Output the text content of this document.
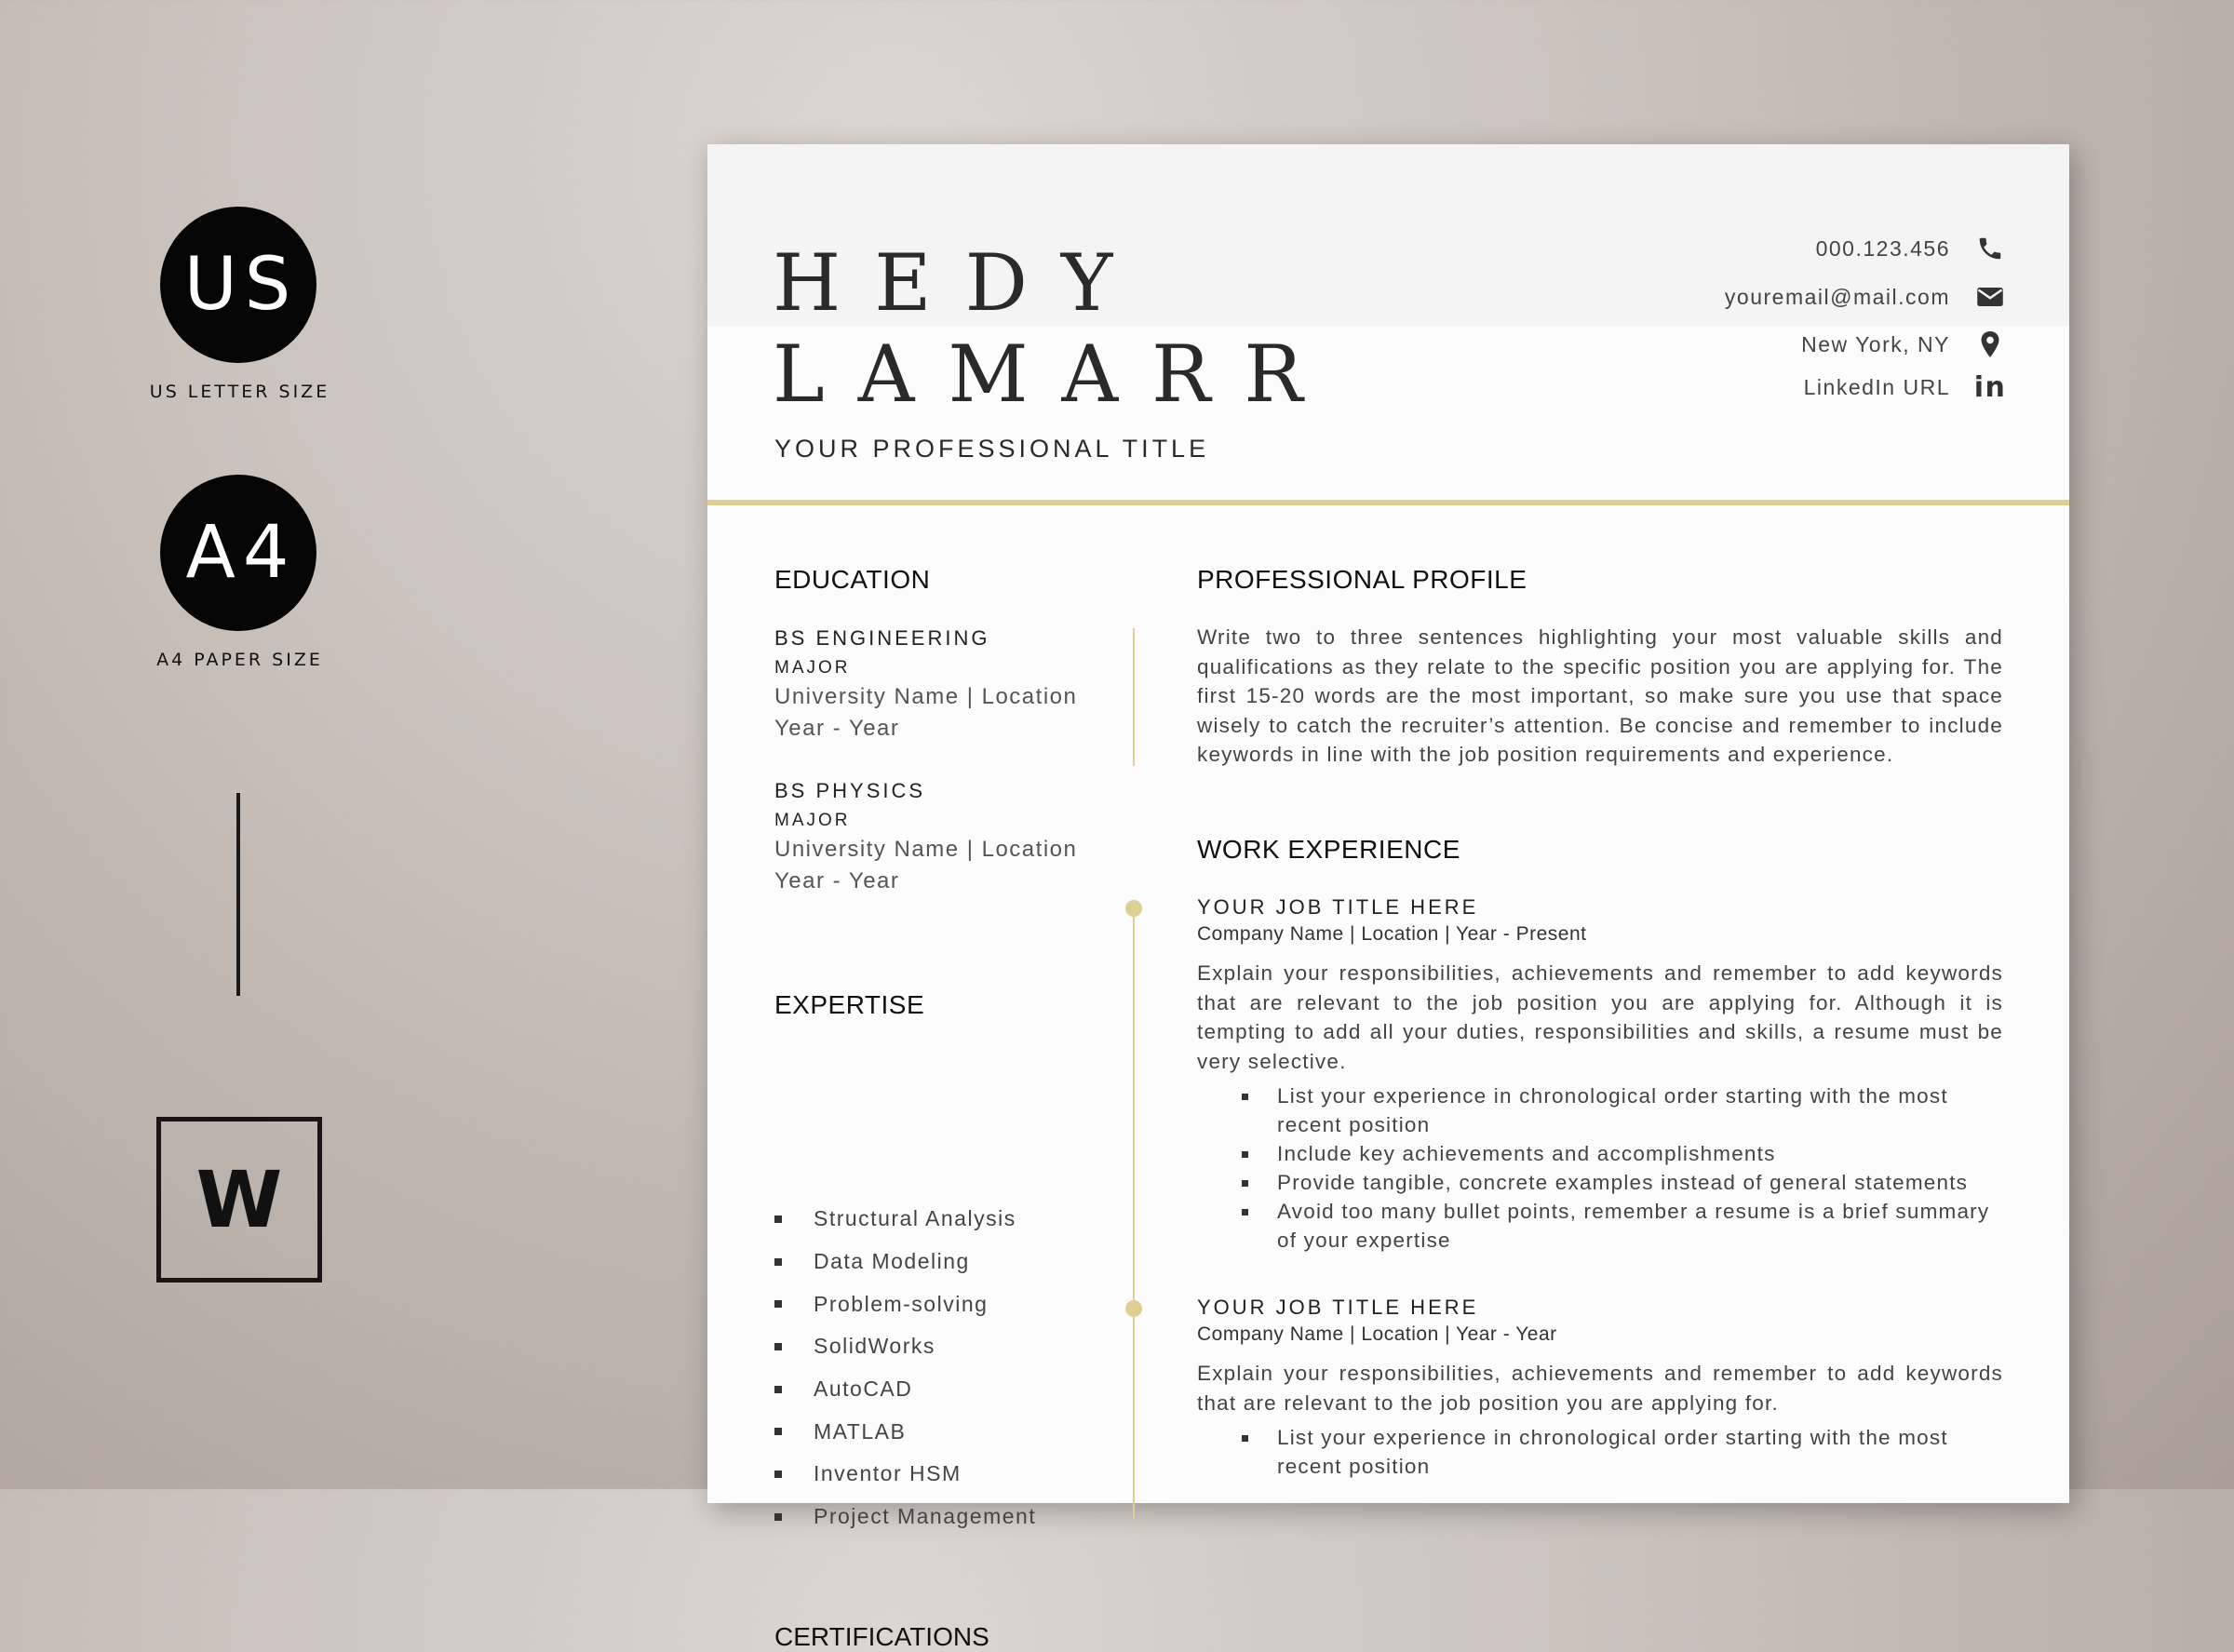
US
US LETTER SIZE
A4
A4 PAPER SIZE
W
HEDY
LAMARR
YOUR PROFESSIONAL TITLE
000.123.456
youremail@mail.com
New York, NY
LinkedIn URL in
EDUCATION
BS ENGINEERING
MAJOR
University Name | Location
Year - Year
BS PHYSICS
MAJOR
University Name | Location
Year - Year
EXPERTISE
Structural Analysis
Data Modeling
Problem-solving
SolidWorks
AutoCAD
MATLAB
Inventor HSM
Project Management
CERTIFICATIONS
PROFESSIONAL PROFILE

Write two to three sentences highlighting your most valuable skills and qualifications as they relate to the specific position you are applying for. The first 15-20 words are the most important, so make sure you use that space wisely to catch the recruiter’s attention. Be concise and remember to include keywords in line with the job position requirements and experience.

WORK EXPERIENCE
YOUR JOB TITLE HERE
Company Name | Location | Year - Present

Explain your responsibilities, achievements and remember to add keywords that are relevant to the job position you are applying for. Although it is tempting to add all your duties, responsibilities and skills, a resume must be very selective.

List your experience in chronological order starting with the most recent position
Include key achievements and accomplishments
Provide tangible, concrete examples instead of general statements
Avoid too many bullet points, remember a resume is a brief summary of your expertise
YOUR JOB TITLE HERE
Company Name | Location | Year - Year

Explain your responsibilities, achievements and remember to add keywords that are relevant to the job position you are applying for.

List your experience in chronological order starting with the most recent position
